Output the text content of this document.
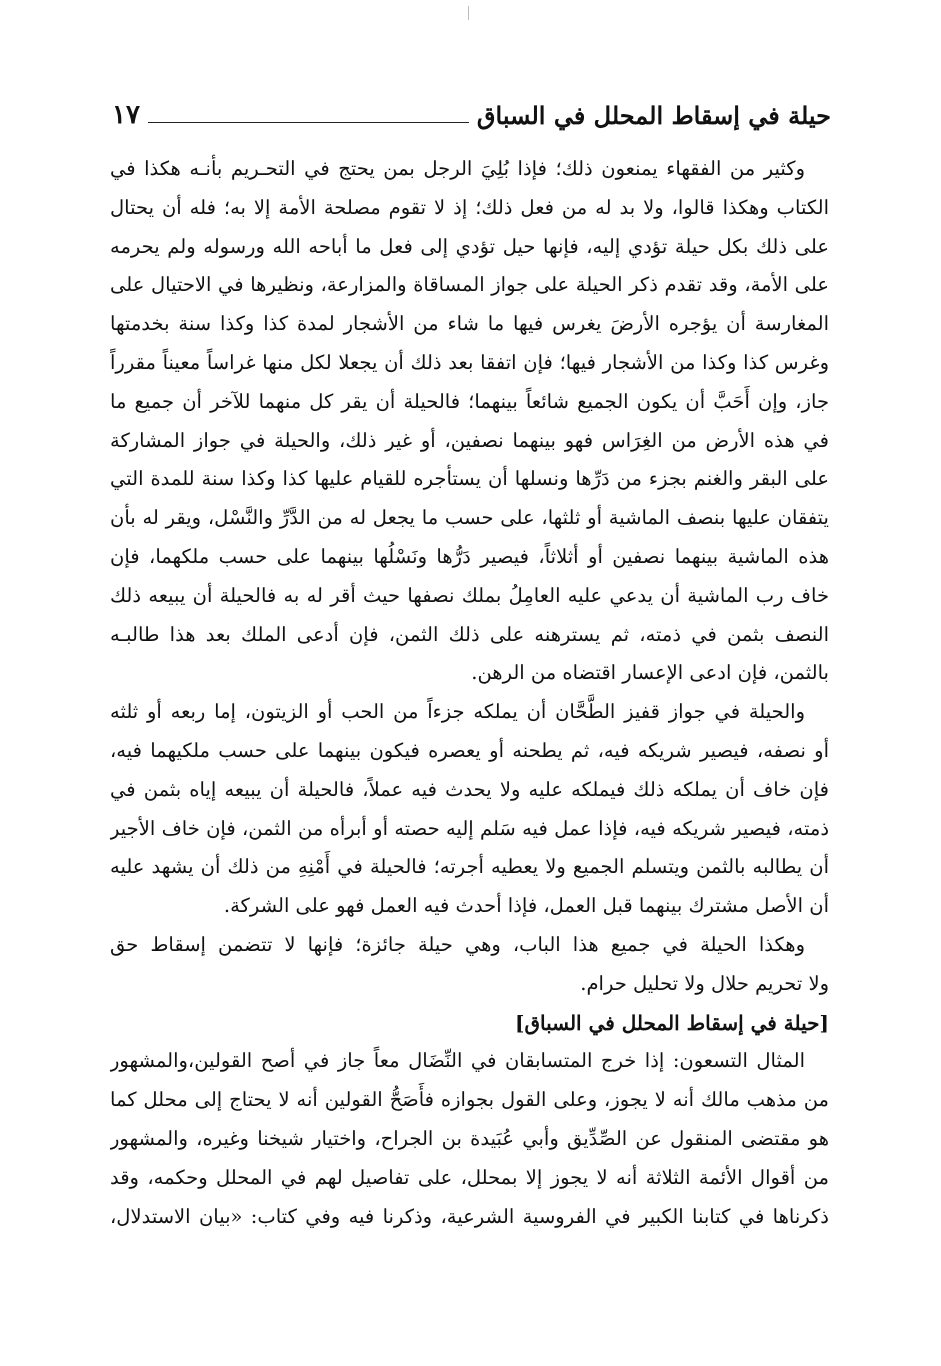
حيلة في إسقاط المحلل في السباق
١٧
وكثير من الفقهاء يمنعون ذلك؛ فإذا بُلِيَ الرجل بمن يحتج في التحـريم بأنـه هكذا في
الكتاب وهكذا قالوا، ولا بد له من فعل ذلك؛ إذ لا تقوم مصلحة الأمة إلا به؛ فله أن يحتال
على ذلك بكل حيلة تؤدي إليه، فإنها حيل تؤدي إلى فعل ما أباحه الله ورسوله ولم يحرمه
على الأمة، وقد تقدم ذكر الحيلة على جواز المساقاة والمزارعة، ونظيرها في الاحتيال على
المغارسة أن يؤجره الأرضَ يغرس فيها ما شاء من الأشجار لمدة كذا وكذا سنة بخدمتها
وغرس كذا وكذا من الأشجار فيها؛ فإن اتفقا بعد ذلك أن يجعلا لكل منها غراساً معيناً مقرراً
جاز، وإن أَحَبَّ أن يكون الجميع شائعاً بينهما؛ فالحيلة أن يقر كل منهما للآخر أن جميع ما
في هذه الأرض من الغِرَاس فهو بينهما نصفين، أو غير ذلك، والحيلة في جواز المشاركة
على البقر والغنم بجزء من دَرِّها ونسلها أن يستأجره للقيام عليها كذا وكذا سنة للمدة التي
يتفقان عليها بنصف الماشية أو ثلثها، على حسب ما يجعل له من الدَّرِّ والنَّسْل، ويقر له بأن
هذه الماشية بينهما نصفين أو أثلاثاً، فيصير دَرُّها ونَسْلُها بينهما على حسب ملكهما، فإن
خاف رب الماشية أن يدعي عليه العامِلُ بملك نصفها حيث أقر له به فالحيلة أن يبيعه ذلك
النصف بثمن في ذمته، ثم يسترهنه على ذلك الثمن، فإن أدعى الملك بعد هذا طالبـه
بالثمن، فإن ادعى الإعسار اقتضاه من الرهن.
والحيلة في جواز قفيز الطَّحَّان أن يملكه جزءاً من الحب أو الزيتون، إما ربعه أو ثلثه
أو نصفه، فيصير شريكه فيه، ثم يطحنه أو يعصره فيكون بينهما على حسب ملكيهما فيه،
فإن خاف أن يملكه ذلك فيملكه عليه ولا يحدث فيه عملاً، فالحيلة أن يبيعه إياه بثمن في
ذمته، فيصير شريكه فيه، فإذا عمل فيه سَلم إليه حصته أو أبرأه من الثمن، فإن خاف الأجير
أن يطالبه بالثمن ويتسلم الجميع ولا يعطيه أجرته؛ فالحيلة في أَمْنِهِ من ذلك أن يشهد عليه
أن الأصل مشترك بينهما قبل العمل، فإذا أحدث فيه العمل فهو على الشركة.
وهكذا الحيلة في جميع هذا الباب، وهي حيلة جائزة؛ فإنها لا تتضمن إسقاط حق
ولا تحريم حلال ولا تحليل حرام.
[حيلة في إسقاط المحلل في السباق]
المثال التسعون: إذا خرج المتسابقان في النِّضَال معاً جاز في أصح القولين،والمشهور
من مذهب مالك أنه لا يجوز، وعلى القول بجوازه فأَصَحُّ القولين أنه لا يحتاج إلى محلل كما
هو مقتضى المنقول عن الصِّدِّيق وأبي عُبَيدة بن الجراح، واختيار شيخنا وغيره، والمشهور
من أقوال الأئمة الثلاثة أنه لا يجوز إلا بمحلل، على تفاصيل لهم في المحلل وحكمه، وقد
ذكرناها في كتابنا الكبير في الفروسية الشرعية، وذكرنا فيه وفي كتاب: «بيان الاستدلال،
